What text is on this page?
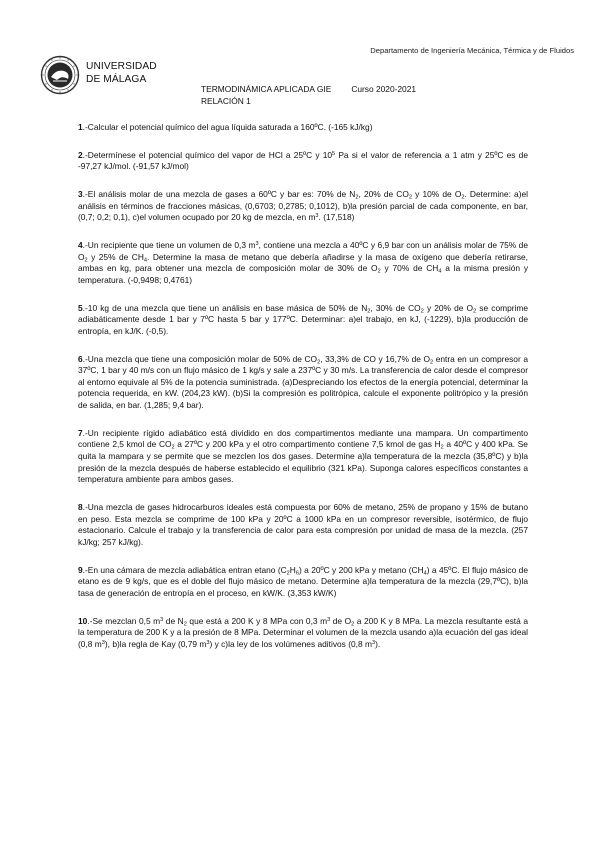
Departamento de Ingeniería Mecánica, Térmica y de Fluidos
UNIVERSIDAD
DE MÁLAGA
TERMODINÁMICA APLICADA GIE Curso 2020-2021
RELACIÓN 1
1.-Calcular el potencial químico del agua líquida saturada a 160ºC. (-165 kJ/kg)
2.-Determínese el potencial químico del vapor de HCl a 25ºC y $10^5$ Pa si el valor de referencia a 1 atm y 25ºC es de -97,27 kJ/mol. (-91,57 kJ/mol)
3.-El análisis molar de una mezcla de gases a 60ºC y bar es: 70% de $N_2$, 20% de $CO_2$ y 10% de $O_2$. Determine: a)el análisis en términos de fracciones másicas, (0,6703; 0,2785; 0,1012), b)la presión parcial de cada componente, en bar, (0,7; 0,2; 0,1), c)el volumen ocupado por 20 kg de mezcla, en $m^3$. (17,518)
4.-Un recipiente que tiene un volumen de 0,3 $m^3$, contiene una mezcla a 40ºC y 6,9 bar con un análisis molar de 75% de $O_2$ y 25% de $CH_4$. Determine la masa de metano que debería añadirse y la masa de oxígeno que debería retirarse, ambas en kg, para obtener una mezcla de composición molar de 30% de $O_2$ y 70% de $CH_4$ a la misma presión y temperatura. (-0,9498; 0,4761)
5.-10 kg de una mezcla que tiene un análisis en base másica de 50% de $N_2$, 30% de $CO_2$ y 20% de $O_2$ se comprime adiabáticamente desde 1 bar y 7ºC hasta 5 bar y 177ºC. Determinar: a)el trabajo, en kJ, (-1229), b)la producción de entropía, en kJ/K. (-0,5).
6.-Una mezcla que tiene una composición molar de 50% de $CO_2$, 33,3% de CO y 16,7% de $O_2$ entra en un compresor a 37ºC, 1 bar y 40 m/s con un flujo másico de 1 kg/s y sale a 237ºC y 30 m/s. La transferencia de calor desde el compresor al entorno equivale al 5% de la potencia suministrada. (a)Despreciando los efectos de la energía potencial, determinar la potencia requerida, en kW. (204,23 kW). (b)Si la compresión es politrópica, calcule el exponente politrópico y la presión de salida, en bar. (1,285; 9,4 bar).
7.-Un recipiente rígido adiabático está dividido en dos compartimentos mediante una mampara. Un compartimento contiene 2,5 kmol de $CO_2$ a 27ºC y 200 kPa y el otro compartimento contiene 7,5 kmol de gas $H_2$ a 40ºC y 400 kPa. Se quita la mampara y se permite que se mezclen los dos gases. Determine a)la temperatura de la mezcla (35,8ºC) y b)la presión de la mezcla después de haberse establecido el equilibrio (321 kPa). Suponga calores específicos constantes a temperatura ambiente para ambos gases.
8.-Una mezcla de gases hidrocarburos ideales está compuesta por 60% de metano, 25% de propano y 15% de butano en peso. Esta mezcla se comprime de 100 kPa y 20ºC a 1000 kPa en un compresor reversible, isotérmico, de flujo estacionario. Calcule el trabajo y la transferencia de calor para esta compresión por unidad de masa de la mezcla. (257 kJ/kg; 257 kJ/kg).
9.-En una cámara de mezcla adiabática entran etano $(C_2H_6)$ a 20ºC y 200 kPa y metano $(CH_4)$ a 45ºC. El flujo másico de etano es de 9 kg/s, que es el doble del flujo másico de metano. Determine a)la temperatura de la mezcla (29,7ºC), b)la tasa de generación de entropía en el proceso, en kW/K. (3,353 kW/K)
10.-Se mezclan 0,5 $m^3$ de $N_2$ que está a 200 K y 8 MPa con 0,3 $m^3$ de $O_2$ a 200 K y 8 MPa. La mezcla resultante está a la temperatura de 200 K y a la presión de 8 MPa. Determinar el volumen de la mezcla usando a)la ecuación del gas ideal (0,8 $m^3$), b)la regla de Kay (0,79 $m^3$) y c)la ley de los volúmenes aditivos (0,8 $m^3$).
